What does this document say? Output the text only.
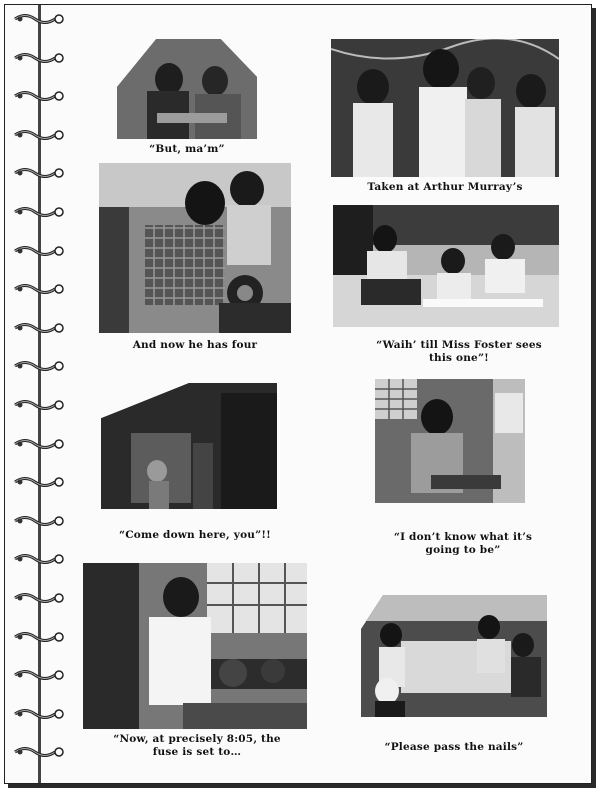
“But, ma’m”
Taken at Arthur Murray’s
And now he has four	“Waih’ till Miss Foster sees this one”!
“Come down here, you”!!	“I don’t know what it’s going to be”
“Now, at precisely 8:05, the fuse is set to…	“Please pass the nails”
